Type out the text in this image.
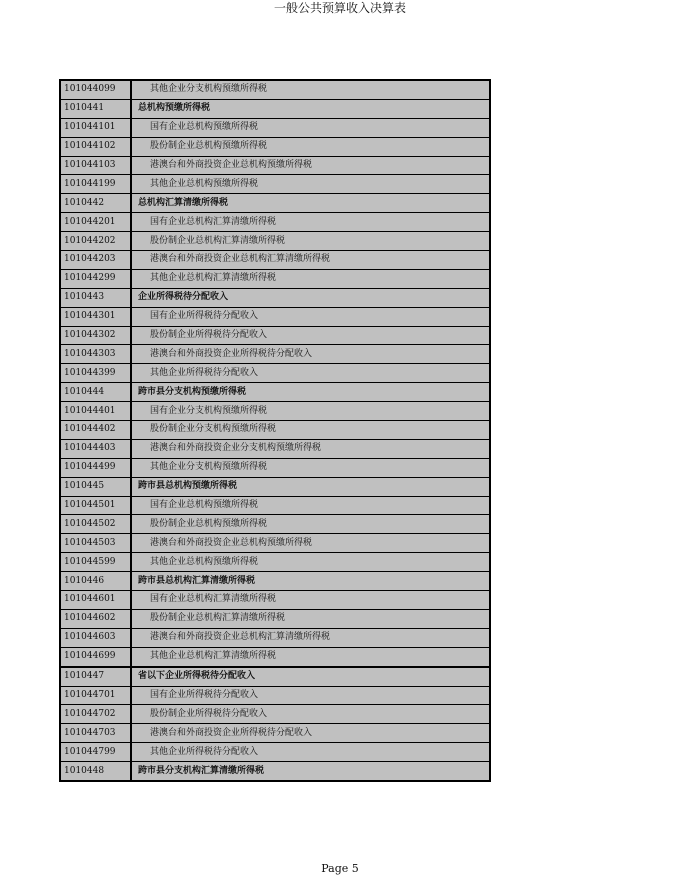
一般公共预算收入决算表
101044099	其他企业分支机构预缴所得税
1010441	总机构预缴所得税
101044101	国有企业总机构预缴所得税
101044102	股份制企业总机构预缴所得税
101044103	港澳台和外商投资企业总机构预缴所得税
101044199	其他企业总机构预缴所得税
1010442	总机构汇算清缴所得税
101044201	国有企业总机构汇算清缴所得税
101044202	股份制企业总机构汇算清缴所得税
101044203	港澳台和外商投资企业总机构汇算清缴所得税
101044299	其他企业总机构汇算清缴所得税
1010443	企业所得税待分配收入
101044301	国有企业所得税待分配收入
101044302	股份制企业所得税待分配收入
101044303	港澳台和外商投资企业所得税待分配收入
101044399	其他企业所得税待分配收入
1010444	跨市县分支机构预缴所得税
101044401	国有企业分支机构预缴所得税
101044402	股份制企业分支机构预缴所得税
101044403	港澳台和外商投资企业分支机构预缴所得税
101044499	其他企业分支机构预缴所得税
1010445	跨市县总机构预缴所得税
101044501	国有企业总机构预缴所得税
101044502	股份制企业总机构预缴所得税
101044503	港澳台和外商投资企业总机构预缴所得税
101044599	其他企业总机构预缴所得税
1010446	跨市县总机构汇算清缴所得税
101044601	国有企业总机构汇算清缴所得税
101044602	股份制企业总机构汇算清缴所得税
101044603	港澳台和外商投资企业总机构汇算清缴所得税
101044699	其他企业总机构汇算清缴所得税
1010447	省以下企业所得税待分配收入
101044701	国有企业所得税待分配收入
101044702	股份制企业所得税待分配收入
101044703	港澳台和外商投资企业所得税待分配收入
101044799	其他企业所得税待分配收入
1010448	跨市县分支机构汇算清缴所得税
Page 5
